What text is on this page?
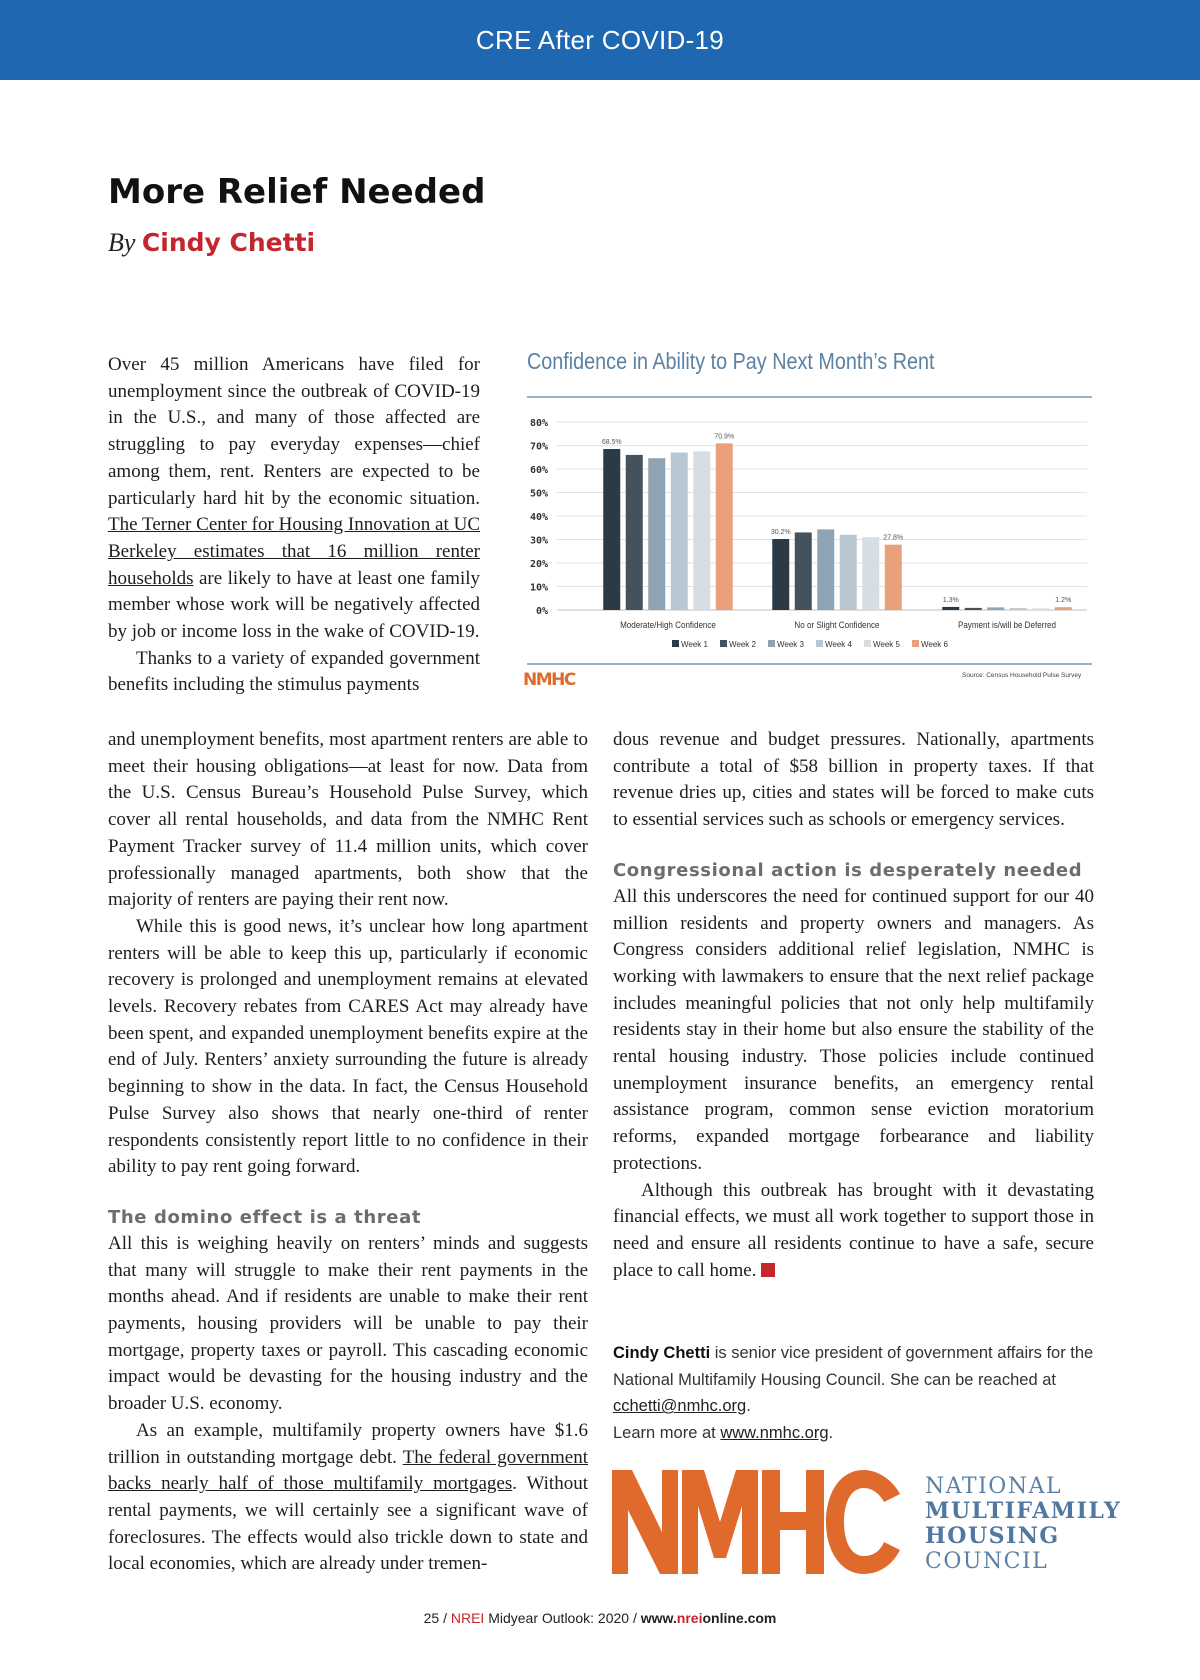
CRE After COVID-19
More Relief Needed
By Cindy Chetti

Over 45 million Americans have filed for unemployment since the outbreak of COVID-19 in the U.S., and many of those affected are struggling to pay everyday expenses—chief among them, rent. Renters are expected to be particularly hard hit by the economic situation. The Terner Center for Housing Innovation at UC Berkeley estimates that 16 million renter households are likely to have at least one family member whose work will be negatively affected by job or income loss in the wake of COVID-19.

Thanks to a variety of expanded government benefits including the stimulus payments

Confidence in Ability to Pay Next Month’s Rent
0%
10%
20%
30%
40%
50%
60%
70%
80%
Moderate/High Confidence	No or Slight Confidence	Payment is/will be Deferred
68.5%
70.9%
30.2%
27.8%
1.3%	1.2%
Week 1	Week 2	Week 3	Week 4	Week 5	Week 6
NMHC	Source: Census Household Pulse Survey

and unemployment benefits, most apartment renters are able to meet their housing obligations—at least for now. Data from the U.S. Census Bureau’s Household Pulse Survey, which cover all rental households, and data from the NMHC Rent Payment Tracker survey of 11.4 million units, which cover professionally managed apartments, both show that the majority of renters are paying their rent now.

While this is good news, it’s unclear how long apartment renters will be able to keep this up, particularly if economic recovery is prolonged and unemployment remains at elevated levels. Recovery rebates from CARES Act may already have been spent, and expanded unemployment benefits expire at the end of July. Renters’ anxiety surrounding the future is already beginning to show in the data. In fact, the Census Household Pulse Survey also shows that nearly one-third of renter respondents consistently report little to no confidence in their ability to pay rent going forward.

The domino effect is a threat

All this is weighing heavily on renters’ minds and suggests that many will struggle to make their rent payments in the months ahead. And if residents are unable to make their rent payments, housing providers will be unable to pay their mortgage, property taxes or payroll. This cascading economic impact would be devasting for the housing industry and the broader U.S. economy.

As an example, multifamily property owners have $1.6 trillion in outstanding mortgage debt. The federal government backs nearly half of those multifamily mortgages. Without rental payments, we will certainly see a significant wave of foreclosures. The effects would also trickle down to state and local economies, which are already under tremen-

dous revenue and budget pressures. Nationally, apartments contribute a total of $58 billion in property taxes. If that revenue dries up, cities and states will be forced to make cuts to essential services such as schools or emergency services.

Congressional action is desperately needed

All this underscores the need for continued support for our 40 million residents and property owners and managers. As Congress considers additional relief legislation, NMHC is working with lawmakers to ensure that the next relief package includes meaningful policies that not only help multifamily residents stay in their home but also ensure the stability of the rental housing industry. Those policies include continued unemployment insurance benefits, an emergency rental assistance program, common sense eviction moratorium reforms, expanded mortgage forbearance and liability protections.

Although this outbreak has brought with it devastating financial effects, we must all work together to support those in need and ensure all residents continue to have a safe, secure place to call home.

Cindy Chetti is senior vice president of government affairs for the National Multifamily Housing Council. She can be reached at cchetti@nmhc.org.
Learn more at www.nmhc.org.
NATIONAL
MULTIFAMILY
HOUSING
COUNCIL
25 / NREI Midyear Outlook: 2020 / www.nreionline.com
